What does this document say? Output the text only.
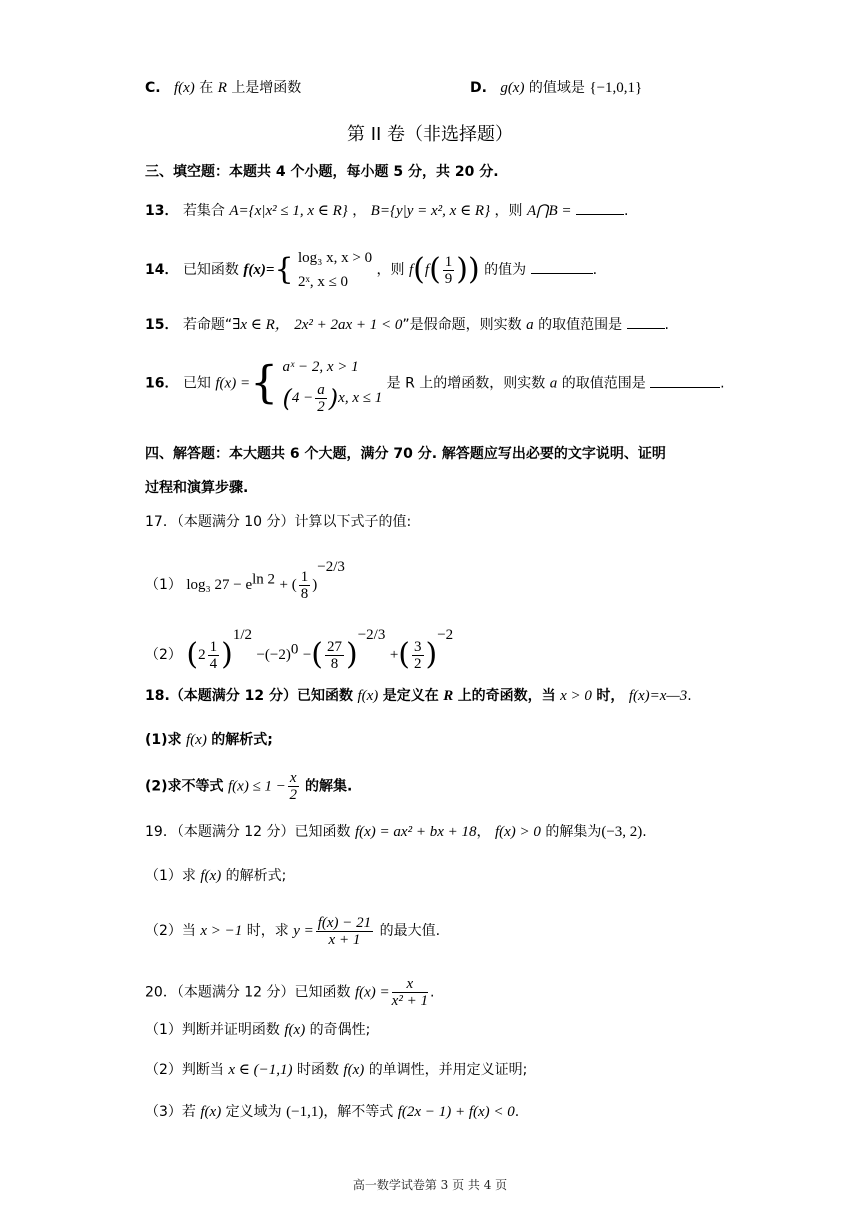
C. f(x) 在 R 上是增函数	D. g(x) 的值域是 {−1,0,1}
第 II 卷（非选择题）
三、填空题：本题共 4 个小题，每小题 5 分，共 20 分.
13． 若集合 A={x|x² ≤ 1, x ∈ R} ， B={y|y = x², x ∈ R} ，则 A⋂B =	.
14． 已知函数 f(x)={ log₃ x, x > 0
2ˣ, x ≤ 0
，则 $f(f( \frac{1}{9}$ )) 的值为	.
15． 若命题“∃x ∈ R， 2x² + 2ax + 1 < 0”是假命题，则实数 a 的取值范围是	.
16． 已知 f(x) ={ aˣ − 2, x > 1
$(4 - \frac{a}{2} )x$, x ≤ 1
是 R 上的增函数，则实数 a 的取值范围是	.
四、解答题：本大题共 6 个大题，满分 70 分. 解答题应写出必要的文字说明、证明
过程和演算步骤.
17．（本题满分 10 分）计算以下式子的值:
（1） log₃ $27 - e^{ln 2}$ + ( $\frac{1}{8} )^{-2/3}$
（2） $(2 \frac{1}{4} )^{1/2} -(-2)^0$ −( $\frac{27}{8} )^{-2/3}$ +( $\frac{3}{2} )^{-2}$
18.（本题满分 12 分）已知函数 f(x) 是定义在 R 上的奇函数，当 x > 0 时， f(x)=x—3.
(1)求 f(x) 的解析式;
(2)求不等式 $f(x) \le 1 - \frac{x}{2}$ 的解集.
19．（本题满分 12 分）已知函数 f(x) = ax² + bx + 18， f(x) > 0 的解集为(−3, 2).
（1）求 f(x) 的解析式;
（2）当 x > −1 时，求 $y = \frac{f(x) - 21}{x + 1}$ 的最大值.
20．（本题满分 12 分）已知函数 $f(x) = \frac{x}{\text{x² + 1}}$ .
（1）判断并证明函数 f(x) 的奇偶性;
（2）判断当 x ∈ (−1,1) 时函数 f(x) 的单调性，并用定义证明;
（3）若 f(x) 定义域为 (−1,1)，解不等式 f(2x − 1) + f(x) < 0.
高一数学试卷第 3 页 共 4 页
